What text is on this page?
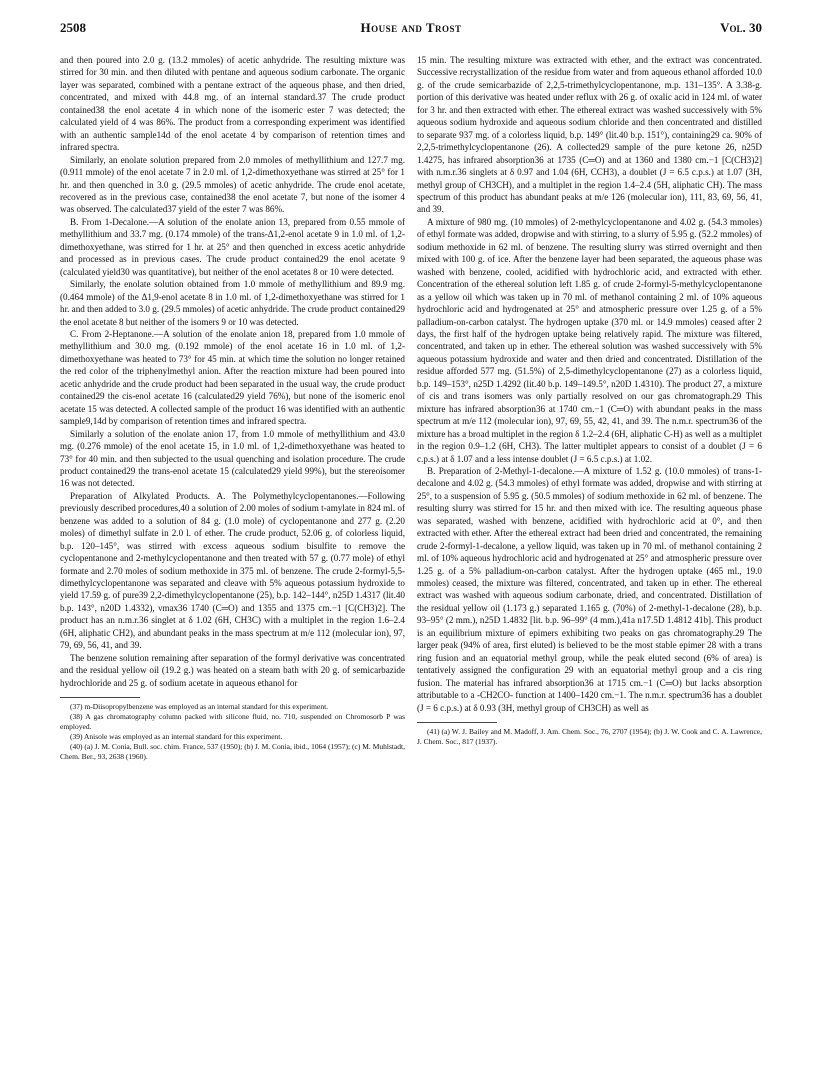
2508	House and Trost	Vol. 30

and then poured into 2.0 g. (13.2 mmoles) of acetic anhydride. The resulting mixture was stirred for 30 min. and then diluted with pentane and aqueous sodium carbonate. The organic layer was separated, combined with a pentane extract of the aqueous phase, and then dried, concentrated, and mixed with 44.8 mg. of an internal standard.37 The crude product contained38 the enol acetate 4 in which none of the isomeric ester 7 was detected; the calculated yield of 4 was 86%. The product from a corresponding experiment was identified with an authentic sample14d of the enol acetate 4 by comparison of retention times and infrared spectra.

Similarly, an enolate solution prepared from 2.0 mmoles of methyllithium and 127.7 mg. (0.911 mmole) of the enol acetate 7 in 2.0 ml. of 1,2-dimethoxyethane was stirred at 25° for 1 hr. and then quenched in 3.0 g. (29.5 mmoles) of acetic anhydride. The crude enol acetate, recovered as in the previous case, contained38 the enol acetate 7, but none of the isomer 4 was observed. The calculated37 yield of the ester 7 was 86%.

B. From 1-Decalone.—A solution of the enolate anion 13, prepared from 0.55 mmole of methyllithium and 33.7 mg. (0.174 mmole) of the trans-Δ1,2-enol acetate 9 in 1.0 ml. of 1,2-dimethoxyethane, was stirred for 1 hr. at 25° and then quenched in excess acetic anhydride and processed as in previous cases. The crude product contained29 the enol acetate 9 (calculated yield30 was quantitative), but neither of the enol acetates 8 or 10 were detected.

Similarly, the enolate solution obtained from 1.0 mmole of methyllithium and 89.9 mg. (0.464 mmole) of the Δ1,9-enol acetate 8 in 1.0 ml. of 1,2-dimethoxyethane was stirred for 1 hr. and then added to 3.0 g. (29.5 mmoles) of acetic anhydride. The crude product contained29 the enol acetate 8 but neither of the isomers 9 or 10 was detected.

C. From 2-Heptanone.—A solution of the enolate anion 18, prepared from 1.0 mmole of methyllithium and 30.0 mg. (0.192 mmole) of the enol acetate 16 in 1.0 ml. of 1,2-dimethoxyethane was heated to 73° for 45 min. at which time the solution no longer retained the red color of the triphenylmethyl anion. After the reaction mixture had been poured into acetic anhydride and the crude product had been separated in the usual way, the crude product contained29 the cis-enol acetate 16 (calculated29 yield 76%), but none of the isomeric enol acetate 15 was detected. A collected sample of the product 16 was identified with an authentic sample9,14d by comparison of retention times and infrared spectra.

Similarly a solution of the enolate anion 17, from 1.0 mmole of methyllithium and 43.0 mg. (0.276 mmole) of the enol acetate 15, in 1.0 ml. of 1,2-dimethoxyethane was heated to 73° for 40 min. and then subjected to the usual quenching and isolation procedure. The crude product contained29 the trans-enol acetate 15 (calculated29 yield 99%), but the stereoisomer 16 was not detected.

Preparation of Alkylated Products. A. The Polymethylcyclopentanones.—Following previously described procedures,40 a solution of 2.00 moles of sodium t-amylate in 824 ml. of benzene was added to a solution of 84 g. (1.0 mole) of cyclopentanone and 277 g. (2.20 moles) of dimethyl sulfate in 2.0 l. of ether. The crude product, 52.06 g. of colorless liquid, b.p. 120–145°, was stirred with excess aqueous sodium bisulfite to remove the cyclopentanone and 2-methylcyclopentanone and then treated with 57 g. (0.77 mole) of ethyl formate and 2.70 moles of sodium methoxide in 375 ml. of benzene. The crude 2-formyl-5,5-dimethylcyclopentanone was separated and cleave with 5% aqueous potassium hydroxide to yield 17.59 g. of pure39 2,2-dimethylcyclopentanone (25), b.p. 142–144°, n25D 1.4317 (lit.40 b.p. 143°, n20D 1.4332), νmax36 1740 (C═O) and 1355 and 1375 cm.−1 [C(CH3)2]. The product has an n.m.r.36 singlet at δ 1.02 (6H, CH3C) with a multiplet in the region 1.6–2.4 (6H, aliphatic CH2), and abundant peaks in the mass spectrum at m/e 112 (molecular ion), 97, 79, 69, 56, 41, and 39.

The benzene solution remaining after separation of the formyl derivative was concentrated and the residual yellow oil (19.2 g.) was heated on a steam bath with 20 g. of semicarbazide hydrochloride and 25 g. of sodium acetate in aqueous ethanol for

(37) m-Diisopropylbenzene was employed as an internal standard for this experiment.

(38) A gas chromatography column packed with silicone fluid, no. 710, suspended on Chromosorb P was employed.

(39) Anisole was employed as an internal standard for this experiment.

(40) (a) J. M. Conia, Bull. soc. chim. France, 537 (1950); (b) J. M. Conia, ibid., 1064 (1957); (c) M. Muhlstadt, Chem. Ber., 93, 2638 (1960).

15 min. The resulting mixture was extracted with ether, and the extract was concentrated. Successive recrystallization of the residue from water and from aqueous ethanol afforded 10.0 g. of the crude semicarbazide of 2,2,5-trimethylcyclopentanone, m.p. 131–135°. A 3.38-g. portion of this derivative was heated under reflux with 26 g. of oxalic acid in 124 ml. of water for 3 hr. and then extracted with ether. The ethereal extract was washed successively with 5% aqueous sodium hydroxide and aqueous sodium chloride and then concentrated and distilled to separate 937 mg. of a colorless liquid, b.p. 149° (lit.40 b.p. 151°), containing29 ca. 90% of 2,2,5-trimethylcyclopentanone (26). A collected29 sample of the pure ketone 26, n25D 1.4275, has infrared absorption36 at 1735 (C═O) and at 1360 and 1380 cm.−1 [C(CH3)2] with n.m.r.36 singlets at δ 0.97 and 1.04 (6H, CCH3), a doublet (J = 6.5 c.p.s.) at 1.07 (3H, methyl group of CH3CH), and a multiplet in the region 1.4–2.4 (5H, aliphatic CH). The mass spectrum of this product has abundant peaks at m/e 126 (molecular ion), 111, 83, 69, 56, 41, and 39.

A mixture of 980 mg. (10 mmoles) of 2-methylcyclopentanone and 4.02 g. (54.3 mmoles) of ethyl formate was added, dropwise and with stirring, to a slurry of 5.95 g. (52.2 mmoles) of sodium methoxide in 62 ml. of benzene. The resulting slurry was stirred overnight and then mixed with 100 g. of ice. After the benzene layer had been separated, the aqueous phase was washed with benzene, cooled, acidified with hydrochloric acid, and extracted with ether. Concentration of the ethereal solution left 1.85 g. of crude 2-formyl-5-methylcyclopentanone as a yellow oil which was taken up in 70 ml. of methanol containing 2 ml. of 10% aqueous hydrochloric acid and hydrogenated at 25° and atmospheric pressure over 1.25 g. of a 5% palladium-on-carbon catalyst. The hydrogen uptake (370 ml. or 14.9 mmoles) ceased after 2 days, the first half of the hydrogen uptake being relatively rapid. The mixture was filtered, concentrated, and taken up in ether. The ethereal solution was washed successively with 5% aqueous potassium hydroxide and water and then dried and concentrated. Distillation of the residue afforded 577 mg. (51.5%) of 2,5-dimethylcyclopentanone (27) as a colorless liquid, b.p. 149–153°, n25D 1.4292 (lit.40 b.p. 149–149.5°, n20D 1.4310). The product 27, a mixture of cis and trans isomers was only partially resolved on our gas chromatograph.29 This mixture has infrared absorption36 at 1740 cm.−1 (C═O) with abundant peaks in the mass spectrum at m/e 112 (molecular ion), 97, 69, 55, 42, 41, and 39. The n.m.r. spectrum36 of the mixture has a broad multiplet in the region δ 1.2–2.4 (6H, aliphatic C-H) as well as a multiplet in the region 0.9–1.2 (6H, CH3). The latter multiplet appears to consist of a doublet (J = 6 c.p.s.) at δ 1.07 and a less intense doublet (J = 6.5 c.p.s.) at 1.02.

B. Preparation of 2-Methyl-1-decalone.—A mixture of 1.52 g. (10.0 mmoles) of trans-1-decalone and 4.02 g. (54.3 mmoles) of ethyl formate was added, dropwise and with stirring at 25°, to a suspension of 5.95 g. (50.5 mmoles) of sodium methoxide in 62 ml. of benzene. The resulting slurry was stirred for 15 hr. and then mixed with ice. The resulting aqueous phase was separated, washed with benzene, acidified with hydrochloric acid at 0°, and then extracted with ether. After the ethereal extract had been dried and concentrated, the remaining crude 2-formyl-1-decalone, a yellow liquid, was taken up in 70 ml. of methanol containing 2 ml. of 10% aqueous hydrochloric acid and hydrogenated at 25° and atmospheric pressure over 1.25 g. of a 5% palladium-on-carbon catalyst. After the hydrogen uptake (465 ml., 19.0 mmoles) ceased, the mixture was filtered, concentrated, and taken up in ether. The ethereal extract was washed with aqueous sodium carbonate, dried, and concentrated. Distillation of the residual yellow oil (1.173 g.) separated 1.165 g. (70%) of 2-methyl-1-decalone (28), b.p. 93–95° (2 mm.), n25D 1.4832 [lit. b.p. 96–99° (4 mm.),41a n17.5D 1.4812 41b]. This product is an equilibrium mixture of epimers exhibiting two peaks on gas chromatography.29 The larger peak (94% of area, first eluted) is believed to be the most stable epimer 28 with a trans ring fusion and an equatorial methyl group, while the peak eluted second (6% of area) is tentatively assigned the configuration 29 with an equatorial methyl group and a cis ring fusion. The material has infrared absorption36 at 1715 cm.−1 (C═O) but lacks absorption attributable to a -CH2CO- function at 1400–1420 cm.−1. The n.m.r. spectrum36 has a doublet (J = 6 c.p.s.) at δ 0.93 (3H, methyl group of CH3CH) as well as

(41) (a) W. J. Bailey and M. Madoff, J. Am. Chem. Soc., 76, 2707 (1954); (b) J. W. Cook and C. A. Lawrence, J. Chem. Soc., 817 (1937).
